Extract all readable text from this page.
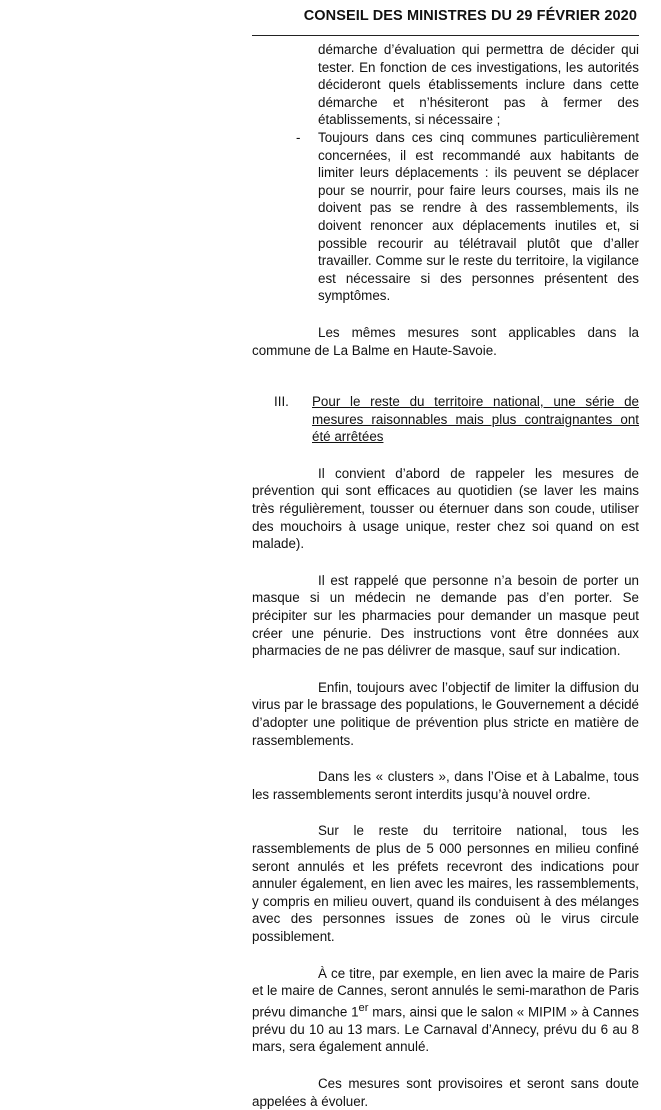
CONSEIL DES MINISTRES DU 29 FÉVRIER 2020
démarche d’évaluation qui permettra de décider qui tester. En fonction de ces investigations, les autorités décideront quels établissements inclure dans cette démarche et n’hésiteront pas à fermer des établissements, si nécessaire ;
- Toujours dans ces cinq communes particulièrement concernées, il est recommandé aux habitants de limiter leurs déplacements : ils peuvent se déplacer pour se nourrir, pour faire leurs courses, mais ils ne doivent pas se rendre à des rassemblements, ils doivent renoncer aux déplacements inutiles et, si possible recourir au télétravail plutôt que d’aller travailler. Comme sur le reste du territoire, la vigilance est nécessaire si des personnes présentent des symptômes.

Les mêmes mesures sont applicables dans la commune de La Balme en Haute-Savoie.

III. Pour le reste du territoire national, une série de mesures raisonnables mais plus contraignantes ont été arrêtées

Il convient d’abord de rappeler les mesures de prévention qui sont efficaces au quotidien (se laver les mains très régulièrement, tousser ou éternuer dans son coude, utiliser des mouchoirs à usage unique, rester chez soi quand on est malade).

Il est rappelé que personne n’a besoin de porter un masque si un médecin ne demande pas d’en porter. Se précipiter sur les pharmacies pour demander un masque peut créer une pénurie. Des instructions vont être données aux pharmacies de ne pas délivrer de masque, sauf sur indication.

Enfin, toujours avec l’objectif de limiter la diffusion du virus par le brassage des populations, le Gouvernement a décidé d’adopter une politique de prévention plus stricte en matière de rassemblements.

Dans les « clusters », dans l’Oise et à Labalme, tous les rassemblements seront interdits jusqu’à nouvel ordre.

Sur le reste du territoire national, tous les rassemblements de plus de 5 000 personnes en milieu confiné seront annulés et les préfets recevront des indications pour annuler également, en lien avec les maires, les rassemblements, y compris en milieu ouvert, quand ils conduisent à des mélanges avec des personnes issues de zones où le virus circule possiblement.

À ce titre, par exemple, en lien avec la maire de Paris et le maire de Cannes, seront annulés le semi-marathon de Paris prévu dimanche 1er mars, ainsi que le salon « MIPIM » à Cannes prévu du 10 au 13 mars. Le Carnaval d’Annecy, prévu du 6 au 8 mars, sera également annulé.

Ces mesures sont provisoires et seront sans doute appelées à évoluer.
